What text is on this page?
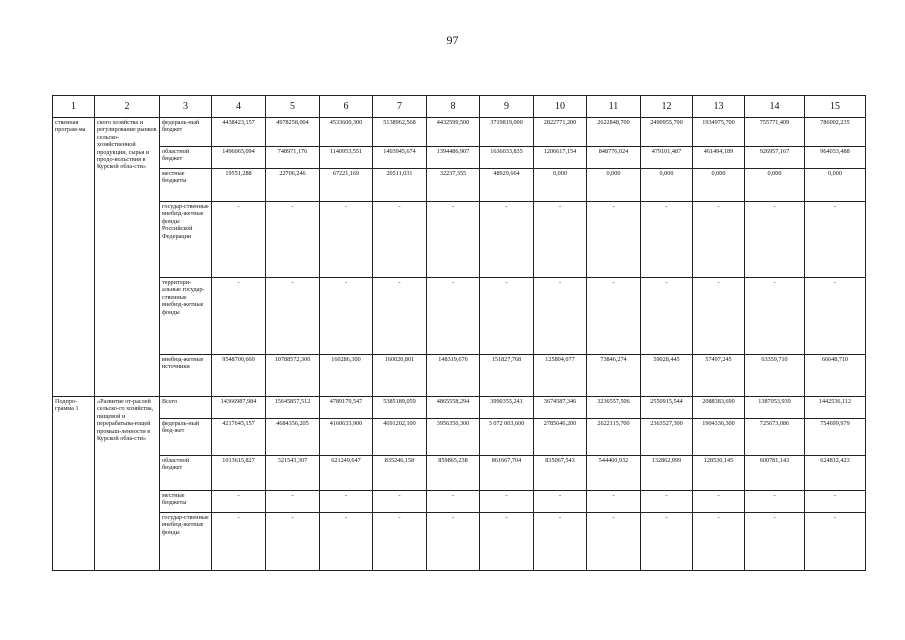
97
1	2	3	4	5	6	7	8	9	10	11	12	13	14	15
ственная програм-ма	ского хозяйства и регулирование рынков сельско-хозяйственной продукции, сырья и продо-вольствия в Курской обла-сти»	федераль-ный бюджет	4438423,157	4978258,004	4533600,300	5138962,568	4432599,500	3719819,000	2822771,200	2622848,700	2490955,700	1934975,700	755771,409	786002,235
		областной бюджет	1496065,094	748971,176	1140953,551	1403945,674	1394486,907	1636033,835	1206617,154	848776,024	479101,487	461494,189	926957,167	964033,488
		местные бюджеты	19551,288	22706,246	67221,169	20511,031	32237,355	48929,664	0,000	0,000	0,000	0,000	0,000	0,000
		государ-ственные внебюд-жетные фонды Российской Федерации	-	-	-	-	-	-	-	-	-	-	-	-
		территори-альные государ-ственные внебюд-жетные фонды	-	-	-	-	-	-	-	-	-	-	-	-
		внебюд-жетные источники	9548700,660	10788572,300	160286,300	160020,801	148319,676	151827,768	125804,077	73846,274	59028,445	57497,245	63359,710	66648,710
Подпро-грамма 1	«Развитие от-раслей сельско-го хозяйства, пищевой и перерабатыва-ющей промыш-ленности в Курской обла-сти»	Всего	14366987,984	15645857,512	4789179,547	5385189,059	4865558,294	3990355,241	3674587,346	3236557,506	2550915,544	2088383,690	1387053,939	1442536,112
		федераль-ный бюд-жет	4217645,157	4684356,205	4160633,900	4691202,100	3956350,300	3 072 003,600	2785646,200	2622115,700	2363527,300	1904336,300	725673,086	754699,979
		областной бюджет	1013615,827	321543,307	621249,647	835246,158	859865,238	861667,704	835067,543	544460,932	132862,099	128530,145	600781,143	624812,423
		местные бюджеты	-	-	-	-	-	-	-	-	-	-	-	-
		государ-ственные внебюд-жетные фонды	-	-	-	-	-	-	-	-	-	-	-	-
